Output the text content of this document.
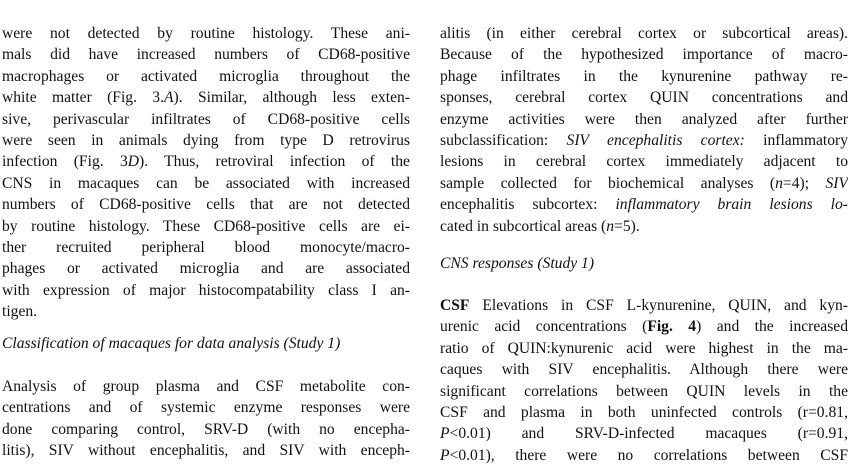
were not detected by routine histology. These ani-
mals did have increased numbers of CD68-positive
macrophages or activated microglia throughout the
white matter (Fig. 3.A). Similar, although less exten-
sive, perivascular infiltrates of CD68-positive cells
were seen in animals dying from type D retrovirus
infection (Fig. 3D). Thus, retroviral infection of the
CNS in macaques can be associated with increased
numbers of CD68-positive cells that are not detected
by routine histology. These CD68-positive cells are ei-
ther recruited peripheral blood monocyte/macro-
phages or activated microglia and are associated
with expression of major histocompatability class I an-
tigen.
Classification of macaques for data analysis (Study 1)
Analysis of group plasma and CSF metabolite con-
centrations and of systemic enzyme responses were
done comparing control, SRV-D (with no encepha-
litis), SIV without encephalitis, and SIV with enceph-
alitis (in either cerebral cortex or subcortical areas).
Because of the hypothesized importance of macro-
phage infiltrates in the kynurenine pathway re-
sponses, cerebral cortex QUIN concentrations and
enzyme activities were then analyzed after further
subclassification: SIV encephalitis cortex: inflammatory
lesions in cerebral cortex immediately adjacent to
sample collected for biochemical analyses (n=4); SIV
encephalitis subcortex: inflammatory brain lesions lo-
cated in subcortical areas (n=5).
CNS responses (Study 1)
CSF Elevations in CSF L-kynurenine, QUIN, and kyn-
urenic acid concentrations (Fig. 4) and the increased
ratio of QUIN:kynurenic acid were highest in the ma-
caques with SIV encephalitis. Although there were
significant correlations between QUIN levels in the
CSF and plasma in both uninfected controls (r=0.81,
P<0.01) and SRV-D-infected macaques (r=0.91,
P<0.01), there were no correlations between CSF
